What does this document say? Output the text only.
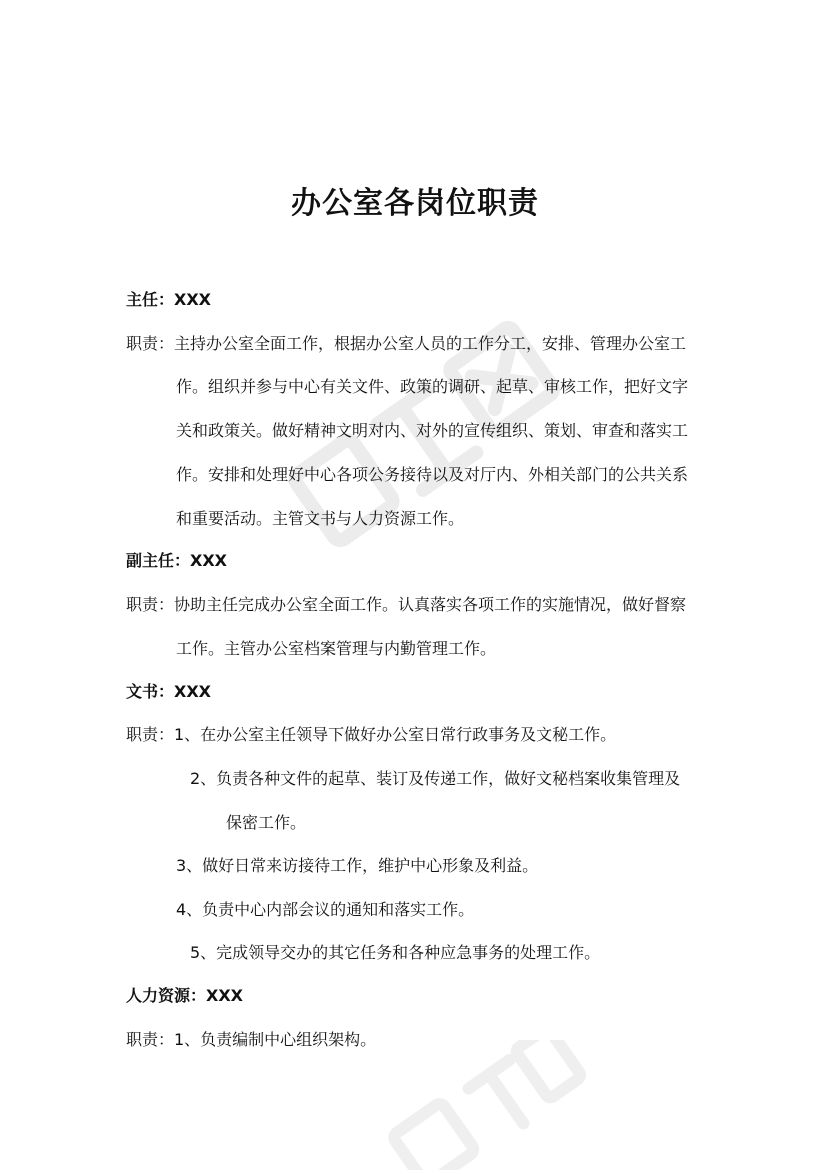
办公室各岗位职责

主任：XXX

职责：主持办公室全面工作，根据办公室人员的工作分工，安排、管理办公室工

作。组织并参与中心有关文件、政策的调研、起草、审核工作，把好文字

关和政策关。做好精神文明对内、对外的宣传组织、策划、审查和落实工

作。安排和处理好中心各项公务接待以及对厅内、外相关部门的公共关系

和重要活动。主管文书与人力资源工作。

副主任：XXX

职责：协助主任完成办公室全面工作。认真落实各项工作的实施情况，做好督察

工作。主管办公室档案管理与内勤管理工作。

文书：XXX

职责：1、在办公室主任领导下做好办公室日常行政事务及文秘工作。

2、负责各种文件的起草、装订及传递工作，做好文秘档案收集管理及

保密工作。

3、做好日常来访接待工作，维护中心形象及利益。

4、负责中心内部会议的通知和落实工作。

5、完成领导交办的其它任务和各种应急事务的处理工作。

人力资源：XXX

职责：1、负责编制中心组织架构。
